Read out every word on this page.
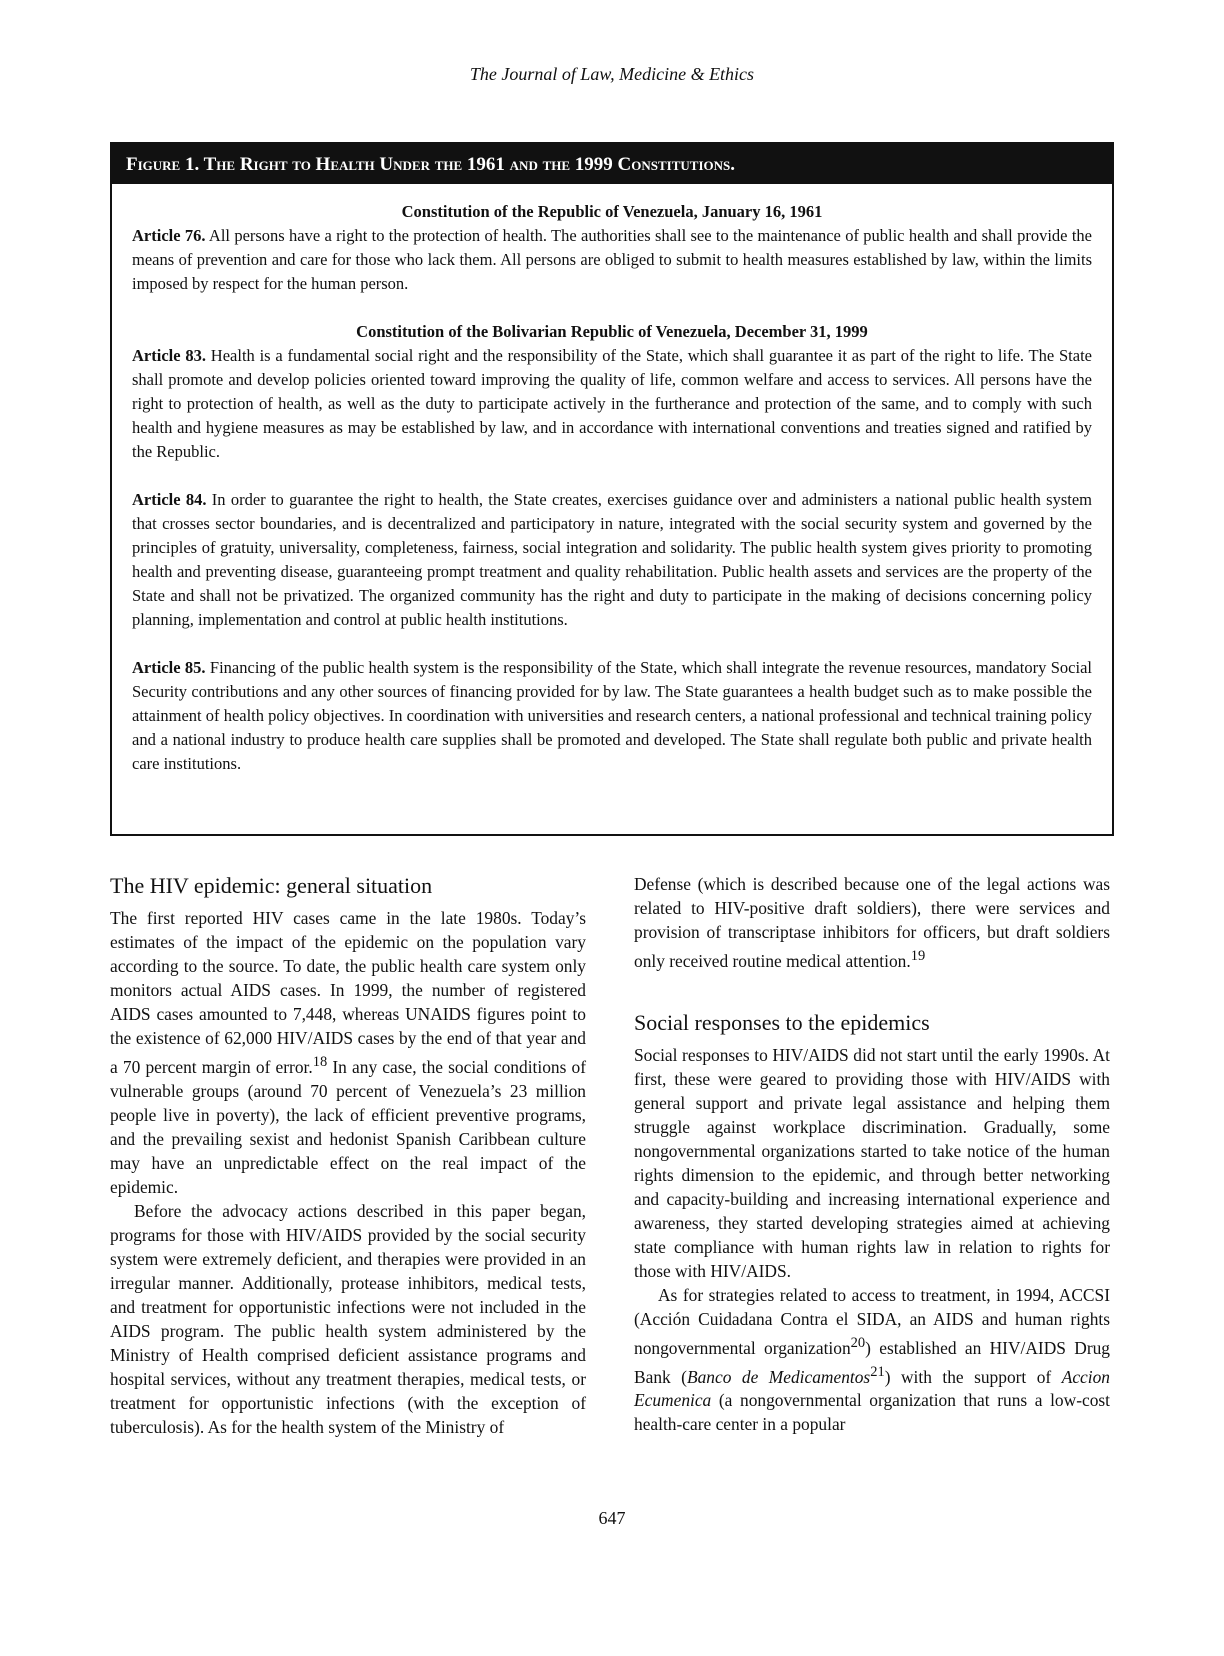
The Journal of Law, Medicine & Ethics
Figure 1. The Right to Health Under the 1961 and the 1999 Constitutions.

Constitution of the Republic of Venezuela, January 16, 1961

Article 76. All persons have a right to the protection of health. The authorities shall see to the maintenance of public health and shall provide the means of prevention and care for those who lack them. All persons are obliged to submit to health measures established by law, within the limits imposed by respect for the human person.

Constitution of the Bolivarian Republic of Venezuela, December 31, 1999

Article 83. Health is a fundamental social right and the responsibility of the State, which shall guarantee it as part of the right to life. The State shall promote and develop policies oriented toward improving the quality of life, common welfare and access to services. All persons have the right to protection of health, as well as the duty to participate actively in the furtherance and protection of the same, and to comply with such health and hygiene measures as may be established by law, and in accordance with international conventions and treaties signed and ratified by the Republic.

Article 84. In order to guarantee the right to health, the State creates, exercises guidance over and administers a national public health system that crosses sector boundaries, and is decentralized and participatory in nature, integrated with the social security system and governed by the principles of gratuity, universality, completeness, fairness, social integration and solidarity. The public health system gives priority to promoting health and preventing disease, guaranteeing prompt treatment and quality rehabilitation. Public health assets and services are the property of the State and shall not be privatized. The organized community has the right and duty to participate in the making of decisions concerning policy planning, implementation and control at public health institutions.

Article 85. Financing of the public health system is the responsibility of the State, which shall integrate the revenue resources, mandatory Social Security contributions and any other sources of financing provided for by law. The State guarantees a health budget such as to make possible the attainment of health policy objectives. In coordination with universities and research centers, a national professional and technical training policy and a national industry to produce health care supplies shall be promoted and developed. The State shall regulate both public and private health care institutions.

The HIV epidemic: general situation

The first reported HIV cases came in the late 1980s. Today’s estimates of the impact of the epidemic on the population vary according to the source. To date, the public health care system only monitors actual AIDS cases. In 1999, the number of registered AIDS cases amounted to 7,448, whereas UNAIDS figures point to the existence of 62,000 HIV/AIDS cases by the end of that year and a 70 percent margin of error.$^{18}$ In any case, the social conditions of vulnerable groups (around 70 percent of Venezuela’s 23 million people live in poverty), the lack of efficient preventive programs, and the prevailing sexist and hedonist Spanish Caribbean culture may have an unpredictable effect on the real impact of the epidemic.

Before the advocacy actions described in this paper began, programs for those with HIV/AIDS provided by the social security system were extremely deficient, and therapies were provided in an irregular manner. Additionally, protease inhibitors, medical tests, and treatment for opportunistic infections were not included in the AIDS program. The public health system administered by the Ministry of Health comprised deficient assistance programs and hospital services, without any treatment therapies, medical tests, or treatment for opportunistic infections (with the exception of tuberculosis). As for the health system of the Ministry of

Defense (which is described because one of the legal actions was related to HIV-positive draft soldiers), there were services and provision of transcriptase inhibitors for officers, but draft soldiers only received routine medical attention.$^{19}$

Social responses to the epidemics

Social responses to HIV/AIDS did not start until the early 1990s. At first, these were geared to providing those with HIV/AIDS with general support and private legal assistance and helping them struggle against workplace discrimination. Gradually, some nongovernmental organizations started to take notice of the human rights dimension to the epidemic, and through better networking and capacity-building and increasing international experience and awareness, they started developing strategies aimed at achieving state compliance with human rights law in relation to rights for those with HIV/AIDS.

As for strategies related to access to treatment, in 1994, ACCSI (Acción Cuidadana Contra el SIDA, an AIDS and human rights nongovernmental organization$^{20}$) established an HIV/AIDS Drug Bank (Banco de Medicamentos$^{21}$) with the support of Accion Ecumenica (a nongovernmental organization that runs a low-cost health-care center in a popular

647
